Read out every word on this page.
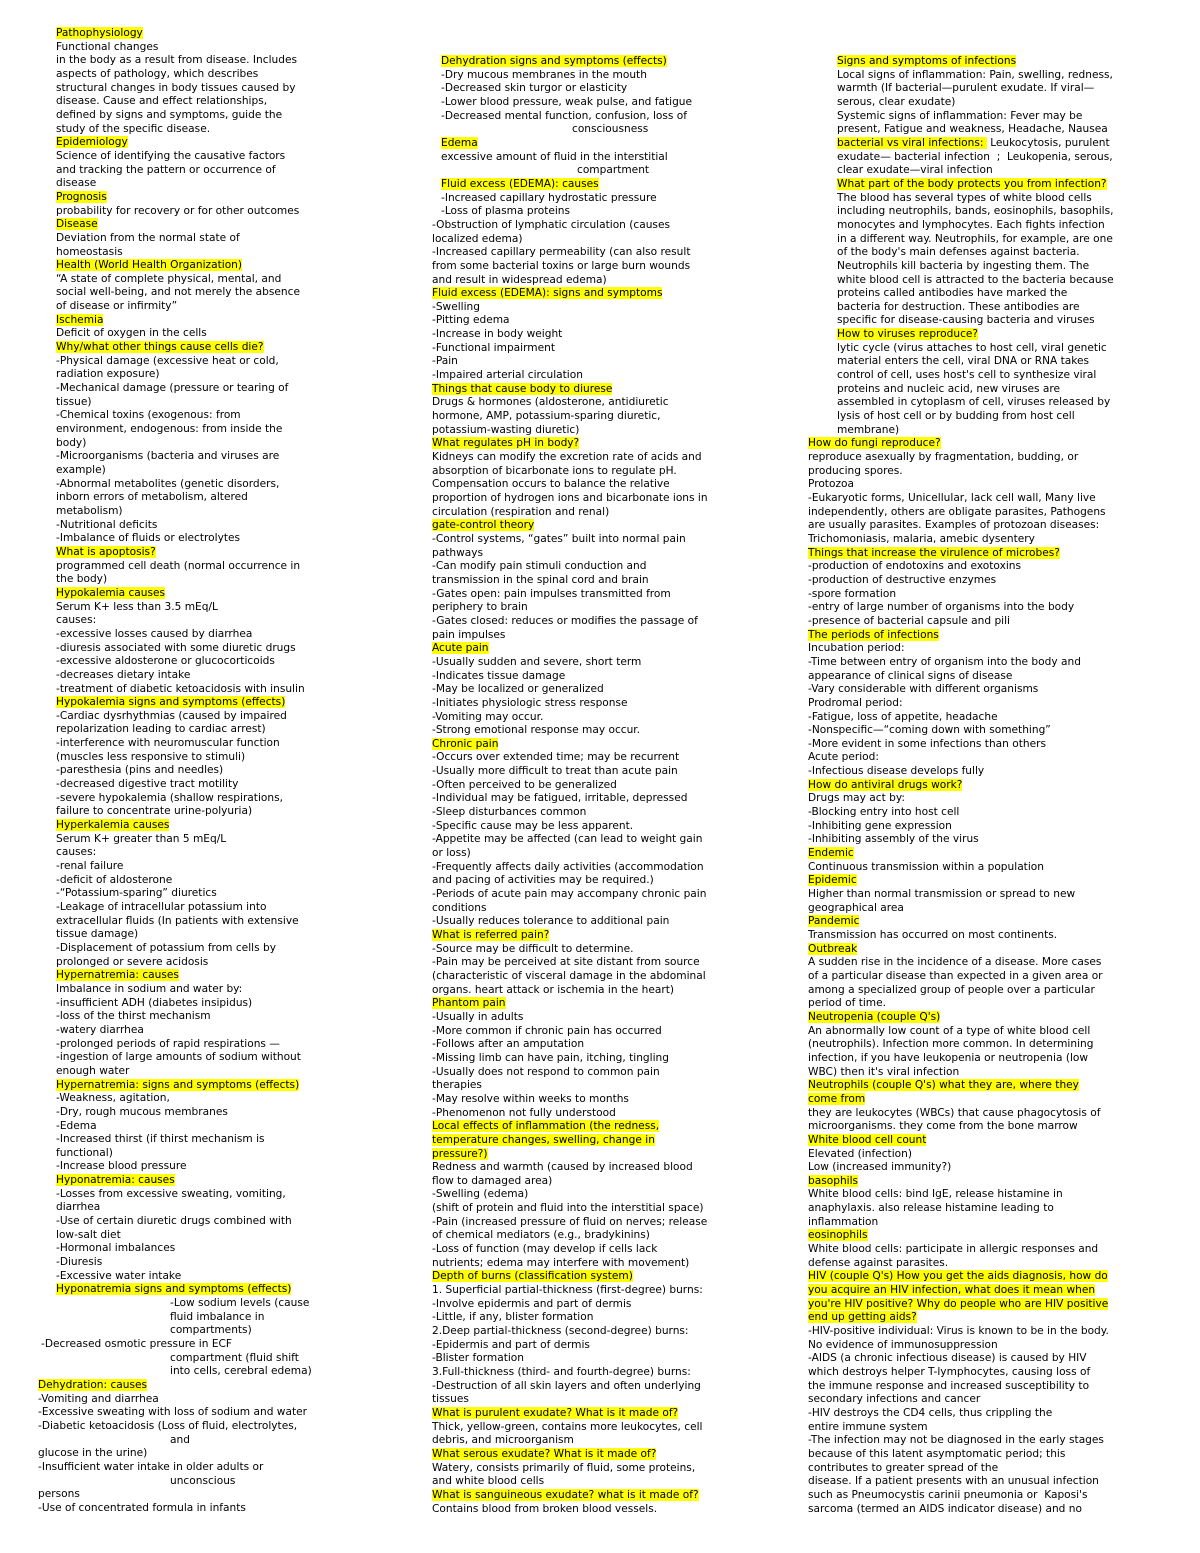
Pathophysiology
Functional changes
in the body as a result from disease. Includes
aspects of pathology, which describes
structural changes in body tissues caused by
disease. Cause and effect relationships,
defined by signs and symptoms, guide the
study of the specific disease.
Epidemiology
Science of identifying the causative factors
and tracking the pattern or occurrence of
disease
Prognosis
probability for recovery or for other outcomes
Disease
Deviation from the normal state of
homeostasis
Health (World Health Organization)
“A state of complete physical, mental, and
social well-being, and not merely the absence
of disease or infirmity”
Ischemia
Deficit of oxygen in the cells
Why/what other things cause cells die?
-Physical damage (excessive heat or cold,
radiation exposure)
-Mechanical damage (pressure or tearing of
tissue)
-Chemical toxins (exogenous: from
environment, endogenous: from inside the
body)
-Microorganisms (bacteria and viruses are
example)
-Abnormal metabolites (genetic disorders,
inborn errors of metabolism, altered
metabolism)
-Nutritional deficits
-Imbalance of fluids or electrolytes
What is apoptosis?
programmed cell death (normal occurrence in
the body)
Hypokalemia causes
Serum K+ less than 3.5 mEq/L
causes:
-excessive losses caused by diarrhea
-diuresis associated with some diuretic drugs
-excessive aldosterone or glucocorticoids
-decreases dietary intake
-treatment of diabetic ketoacidosis with insulin
Hypokalemia signs and symptoms (effects)
-Cardiac dysrhythmias (caused by impaired
repolarization leading to cardiac arrest)
-interference with neuromuscular function
(muscles less responsive to stimuli)
-paresthesia (pins and needles)
-decreased digestive tract motility
-severe hypokalemia (shallow respirations,
failure to concentrate urine-polyuria)
Hyperkalemia causes
Serum K+ greater than 5 mEq/L
causes:
-renal failure
-deficit of aldosterone
-“Potassium-sparing” diuretics
-Leakage of intracellular potassium into
extracellular fluids (In patients with extensive
tissue damage)
-Displacement of potassium from cells by
prolonged or severe acidosis
Hypernatremia: causes
Imbalance in sodium and water by:
-insufficient ADH (diabetes insipidus)
-loss of the thirst mechanism
-watery diarrhea
-prolonged periods of rapid respirations —
-ingestion of large amounts of sodium without
enough water
Hypernatremia: signs and symptoms (effects)
-Weakness, agitation,
-Dry, rough mucous membranes
-Edema
-Increased thirst (if thirst mechanism is
functional)
-Increase blood pressure
Hyponatremia: causes
-Losses from excessive sweating, vomiting,
diarrhea
-Use of certain diuretic drugs combined with
low-salt diet
-Hormonal imbalances
-Diuresis
-Excessive water intake
Hyponatremia signs and symptoms (effects)
-Low sodium levels (cause
fluid imbalance in
compartments)
-Decreased osmotic pressure in ECF
compartment (fluid shift
into cells, cerebral edema)
Dehydration: causes
-Vomiting and diarrhea
-Excessive sweating with loss of sodium and water
-Diabetic ketoacidosis (Loss of fluid, electrolytes,
and
glucose in the urine)
-Insufficient water intake in older adults or
unconscious
persons
-Use of concentrated formula in infants
Dehydration signs and symptoms (effects)
-Dry mucous membranes in the mouth
-Decreased skin turgor or elasticity
-Lower blood pressure, weak pulse, and fatigue
-Decreased mental function, confusion, loss of
consciousness
Edema
excessive amount of fluid in the interstitial
compartment
Fluid excess (EDEMA): causes
-Increased capillary hydrostatic pressure
-Loss of plasma proteins
-Obstruction of lymphatic circulation (causes
localized edema)
-Increased capillary permeability (can also result
from some bacterial toxins or large burn wounds
and result in widespread edema)
Fluid excess (EDEMA): signs and symptoms
-Swelling
-Pitting edema
-Increase in body weight
-Functional impairment
-Pain
-Impaired arterial circulation
Things that cause body to diurese
Drugs & hormones (aldosterone, antidiuretic
hormone, AMP, potassium-sparing diuretic,
potassium-wasting diuretic)
What regulates pH in body?
Kidneys can modify the excretion rate of acids and
absorption of bicarbonate ions to regulate pH.
Compensation occurs to balance the relative
proportion of hydrogen ions and bicarbonate ions in
circulation (respiration and renal)
gate-control theory
-Control systems, “gates” built into normal pain
pathways
-Can modify pain stimuli conduction and
transmission in the spinal cord and brain
-Gates open: pain impulses transmitted from
periphery to brain
-Gates closed: reduces or modifies the passage of
pain impulses
Acute pain
-Usually sudden and severe, short term
-Indicates tissue damage
-May be localized or generalized
-Initiates physiologic stress response
-Vomiting may occur.
-Strong emotional response may occur.
Chronic pain
-Occurs over extended time; may be recurrent
-Usually more difficult to treat than acute pain
-Often perceived to be generalized
-Individual may be fatigued, irritable, depressed
-Sleep disturbances common
-Specific cause may be less apparent.
-Appetite may be affected (can lead to weight gain
or loss)
-Frequently affects daily activities (accommodation
and pacing of activities may be required.)
-Periods of acute pain may accompany chronic pain
conditions
-Usually reduces tolerance to additional pain
What is referred pain?
-Source may be difficult to determine.
-Pain may be perceived at site distant from source
(characteristic of visceral damage in the abdominal
organs. heart attack or ischemia in the heart)
Phantom pain
-Usually in adults
-More common if chronic pain has occurred
-Follows after an amputation
-Missing limb can have pain, itching, tingling
-Usually does not respond to common pain
therapies
-May resolve within weeks to months
-Phenomenon not fully understood
Local effects of inflammation (the redness,
temperature changes, swelling, change in
pressure?)
Redness and warmth (caused by increased blood
flow to damaged area)
-Swelling (edema)
(shift of protein and fluid into the interstitial space)
-Pain (increased pressure of fluid on nerves; release
of chemical mediators (e.g., bradykinins)
-Loss of function (may develop if cells lack
nutrients; edema may interfere with movement)
Depth of burns (classification system)
1. Superficial partial-thickness (first-degree) burns:
-Involve epidermis and part of dermis
-Little, if any, blister formation
2.Deep partial-thickness (second-degree) burns:
-Epidermis and part of dermis
-Blister formation
3.Full-thickness (third- and fourth-degree) burns:
-Destruction of all skin layers and often underlying
tissues
What is purulent exudate? What is it made of?
Thick, yellow-green, contains more leukocytes, cell
debris, and microorganism
What serous exudate? What is it made of?
Watery, consists primarily of fluid, some proteins,
and white blood cells
What is sanguineous exudate? what is it made of?
Contains blood from broken blood vessels.
Signs and symptoms of infections
Local signs of inflammation: Pain, swelling, redness,
warmth (If bacterial—purulent exudate. If viral—
serous, clear exudate)
Systemic signs of inflammation: Fever may be
present, Fatigue and weakness, Headache, Nausea
bacterial vs viral infections:  Leukocytosis, purulent
exudate— bacterial infection  ;  Leukopenia, serous,
clear exudate—viral infection
What part of the body protects you from infection?
The blood has several types of white blood cells
including neutrophils, bands, eosinophils, basophils,
monocytes and lymphocytes. Each fights infection
in a different way. Neutrophils, for example, are one
of the body's main defenses against bacteria.
Neutrophils kill bacteria by ingesting them. The
white blood cell is attracted to the bacteria because
proteins called antibodies have marked the
bacteria for destruction. These antibodies are
specific for disease-causing bacteria and viruses
How to viruses reproduce?
lytic cycle (virus attaches to host cell, viral genetic
material enters the cell, viral DNA or RNA takes
control of cell, uses host's cell to synthesize viral
proteins and nucleic acid, new viruses are
assembled in cytoplasm of cell, viruses released by
lysis of host cell or by budding from host cell
membrane)
How do fungi reproduce?
reproduce asexually by fragmentation, budding, or
producing spores.
Protozoa
-Eukaryotic forms, Unicellular, lack cell wall, Many live
independently, others are obligate parasites, Pathogens
are usually parasites. Examples of protozoan diseases:
Trichomoniasis, malaria, amebic dysentery
Things that increase the virulence of microbes?
-production of endotoxins and exotoxins
-production of destructive enzymes
-spore formation
-entry of large number of organisms into the body
-presence of bacterial capsule and pili
The periods of infections
Incubation period:
-Time between entry of organism into the body and
appearance of clinical signs of disease
-Vary considerable with different organisms
Prodromal period:
-Fatigue, loss of appetite, headache
-Nonspecific—“coming down with something”
-More evident in some infections than others
Acute period:
-Infectious disease develops fully
How do antiviral drugs work?
Drugs may act by:
-Blocking entry into host cell
-Inhibiting gene expression
-Inhibiting assembly of the virus
Endemic
Continuous transmission within a population
Epidemic
Higher than normal transmission or spread to new
geographical area
Pandemic
Transmission has occurred on most continents.
Outbreak
A sudden rise in the incidence of a disease. More cases
of a particular disease than expected in a given area or
among a specialized group of people over a particular
period of time.
Neutropenia (couple Q's)
An abnormally low count of a type of white blood cell
(neutrophils). Infection more common. In determining
infection, if you have leukopenia or neutropenia (low
WBC) then it's viral infection
Neutrophils (couple Q's) what they are, where they
come from
they are leukocytes (WBCs) that cause phagocytosis of
microorganisms. they come from the bone marrow
White blood cell count
Elevated (infection)
Low (increased immunity?)
basophils
White blood cells: bind IgE, release histamine in
anaphylaxis. also release histamine leading to
inflammation
eosinophils
White blood cells: participate in allergic responses and
defense against parasites.
HIV (couple Q's) How you get the aids diagnosis, how do
you acquire an HIV infection, what does it mean when
you're HIV positive? Why do people who are HIV positive
end up getting aids?
-HIV-positive individual: Virus is known to be in the body.
No evidence of immunosuppression
-AIDS (a chronic infectious disease) is caused by HIV
which destroys helper T-lymphocytes, causing loss of
the immune response and increased susceptibility to
secondary infections and cancer
-HIV destroys the CD4 cells, thus crippling the
entire immune system
-The infection may not be diagnosed in the early stages
because of this latent asymptomatic period; this
contributes to greater spread of the
disease. If a patient presents with an unusual infection
such as Pneumocystis carinii pneumonia or  Kaposi's
sarcoma (termed an AIDS indicator disease) and no
